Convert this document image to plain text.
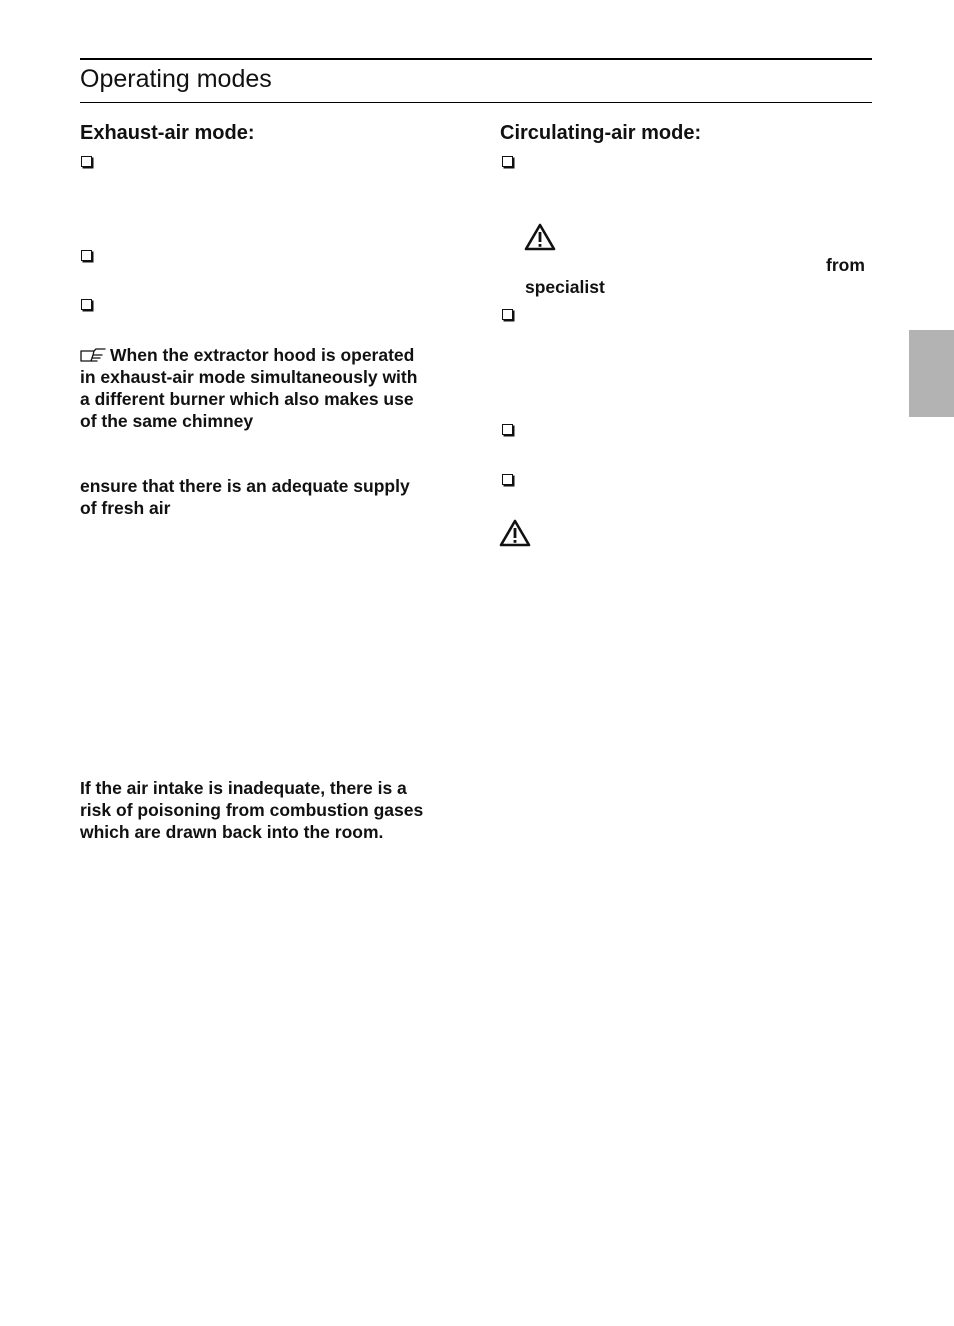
Operating modes
Exhaust-air mode:
When the extractor hood is operated
in exhaust-air mode simultaneously with
a different burner which also makes use
of the same chimney
ensure that there is an adequate supply
of fresh air
If the air intake is inadequate, there is a
risk of poisoning from combustion gases
which are drawn back into the room.
Circulating-air mode:
from
specialist
